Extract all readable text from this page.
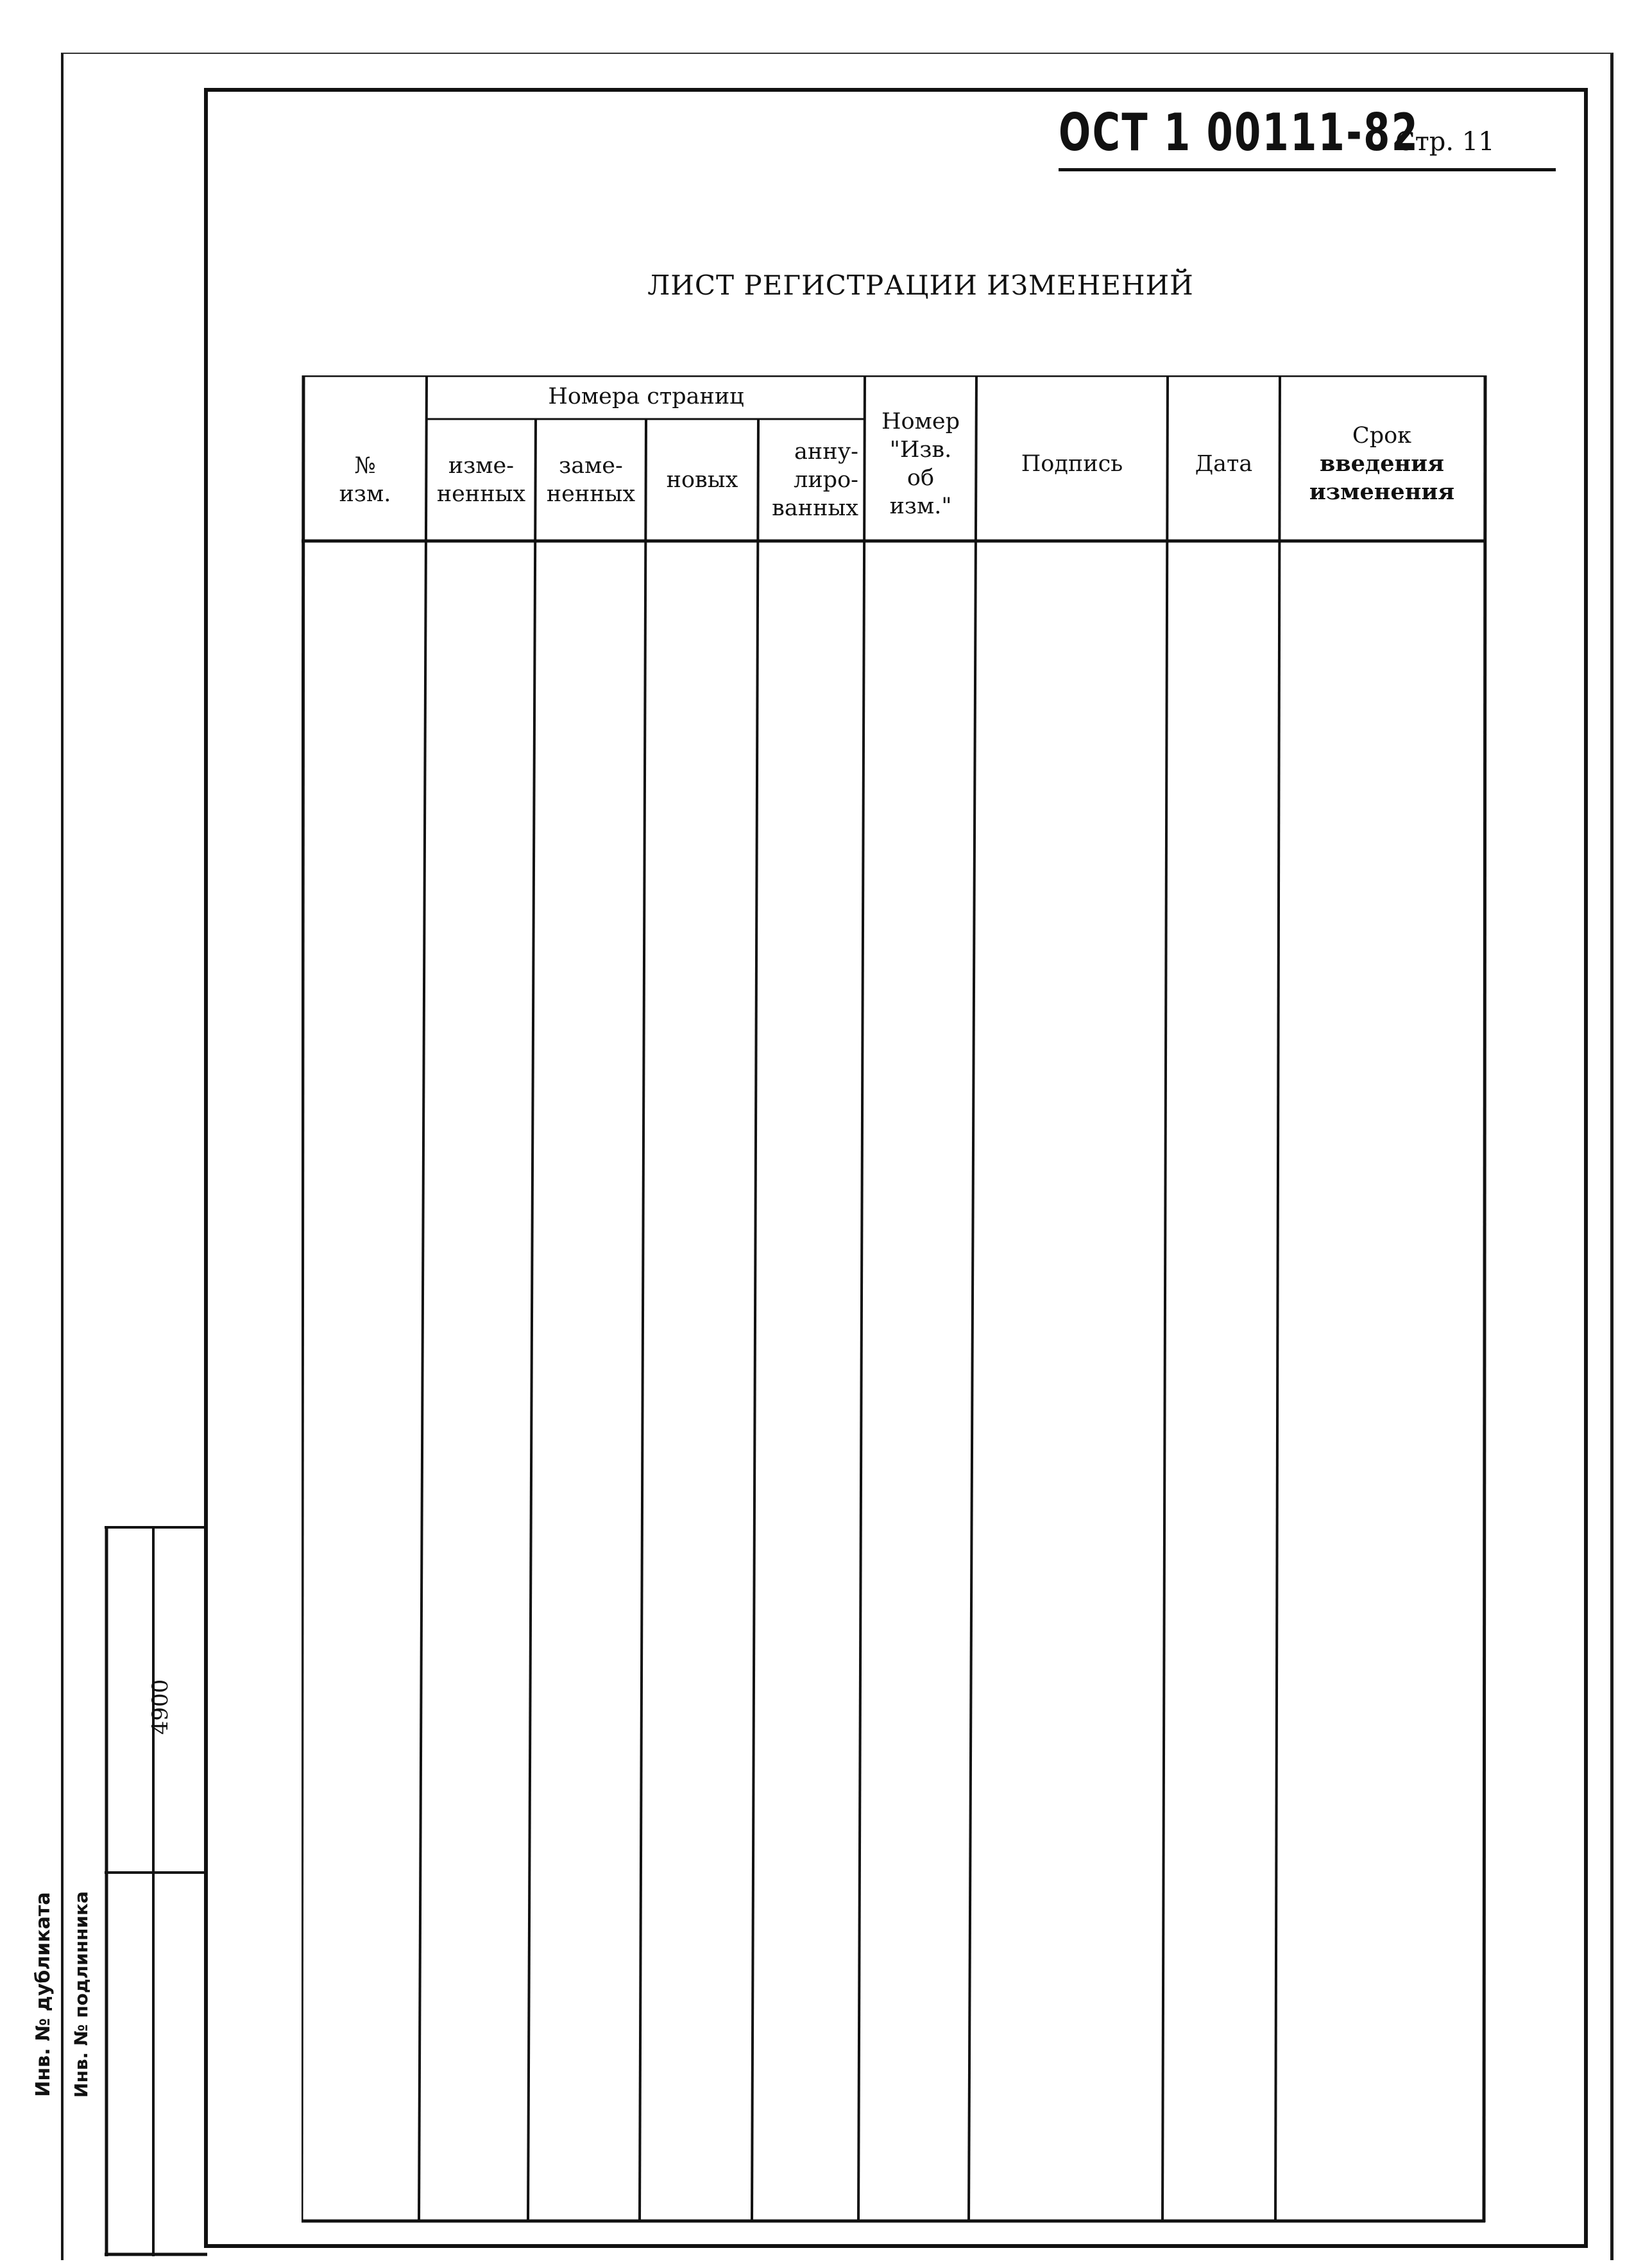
ОСТ 1 00111-82
Стр. 11
ЛИСТ РЕГИСТРАЦИИ ИЗМЕНЕНИЙ
№
изм.
Номера страниц
изме-
ненных
заме-
ненных
новых
анну-
лиро-
ванных
Номер
"Изв.
об
изм."
Подпись	Дата
Срок
введения
изменения
Инв. № дубликата Инв. № подлинника
4900
